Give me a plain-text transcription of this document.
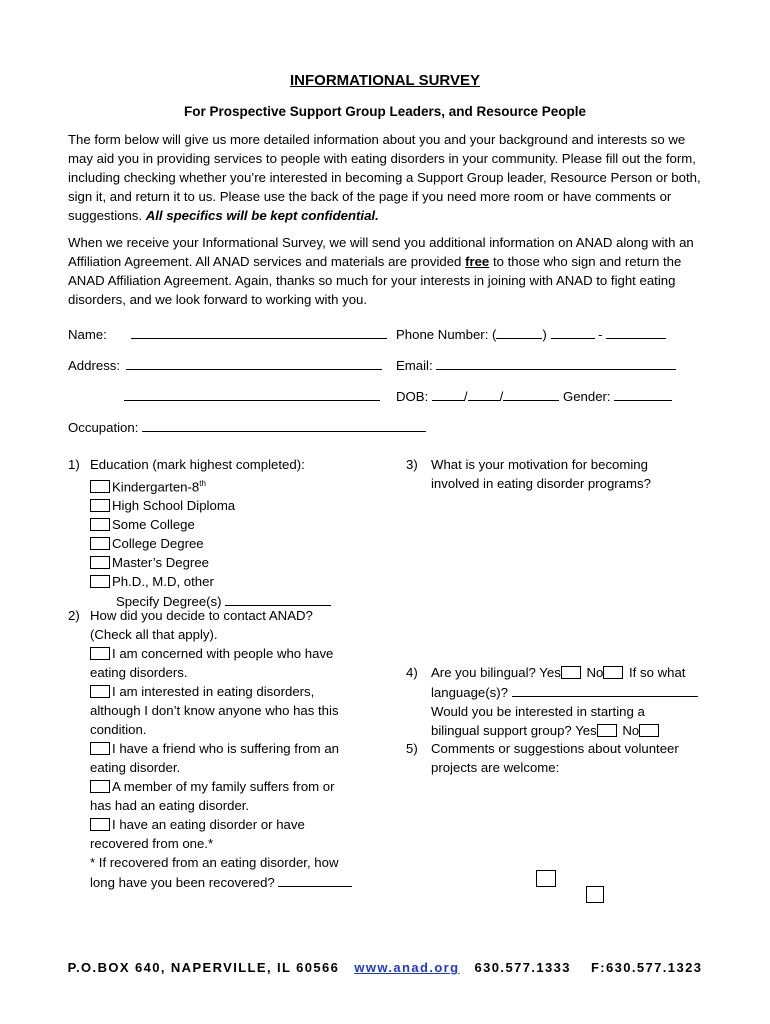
INFORMATIONAL SURVEY
For Prospective Support Group Leaders, and Resource People
The form below will give us more detailed information about you and your background and interests so we may aid you in providing services to people with eating disorders in your community. Please fill out the form, including checking whether you’re interested in becoming a Support Group leader, Resource Person or both, sign it, and return it to us. Please use the back of the page if you need more room or have comments or suggestions. All specifics will be kept confidential.
When we receive your Informational Survey, we will send you additional information on ANAD along with an Affiliation Agreement. All ANAD services and materials are provided free to those who sign and return the ANAD Affiliation Agreement. Again, thanks so much for your interests in joining with ANAD to fight eating disorders, and we look forward to working with you.
Name:	Phone Number: (	)	-
Address:	Email:
DOB:	/ /	Gender:
Occupation:
1) Education (mark highest completed):
Kindergarten-8th
High School Diploma
Some College
College Degree
Master’s Degree
Ph.D., M.D, other
Specify Degree(s)
2) How did you decide to contact ANAD?
(Check all that apply).
I am concerned with people who have
eating disorders.
I am interested in eating disorders,
although I don’t know anyone who has this
condition.
I have a friend who is suffering from an
eating disorder.
A member of my family suffers from or
has had an eating disorder.
I have an eating disorder or have
recovered from one.*
* If recovered from an eating disorder, how
long have you been recovered?
3)	What is your motivation for becoming
involved in eating disorder programs?
4)	Are you bilingual? Yes No If so what
language(s)?
Would you be interested in starting a
bilingual support group? Yes No
5)	Comments or suggestions about volunteer
projects are welcome:
P.O.BOX 640, NAPERVILLE, IL 60566 www.anad.org 630.577.1333 F:630.577.1323
